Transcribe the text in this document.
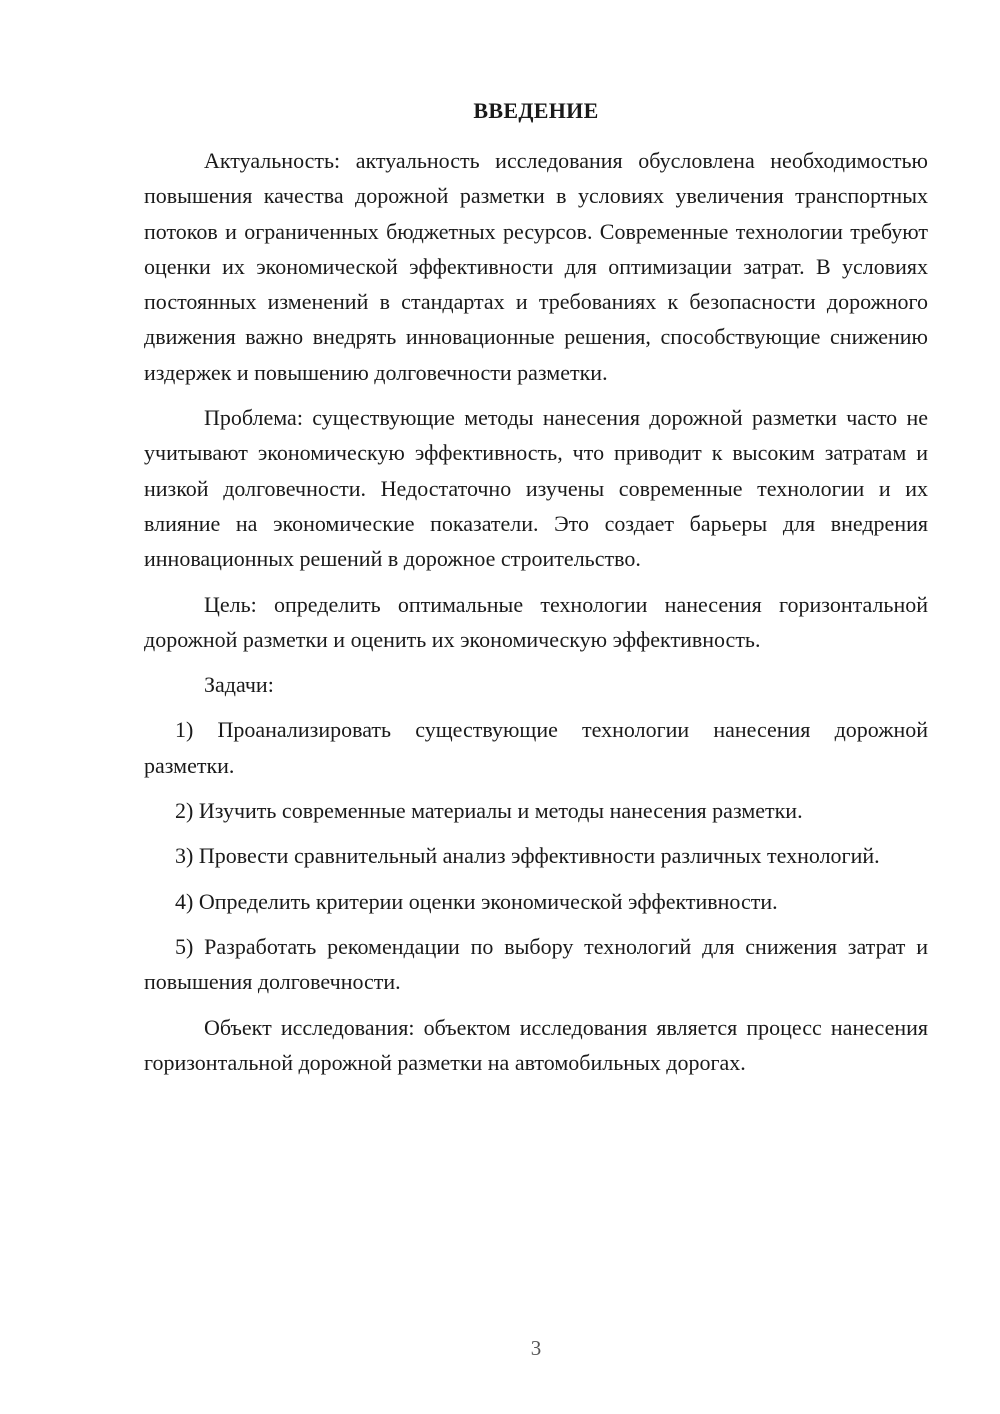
ВВЕДЕНИЕ

Актуальность: актуальность исследования обусловлена необходимостью повышения качества дорожной разметки в условиях увеличения транспортных потоков и ограниченных бюджетных ресурсов. Современные технологии требуют оценки их экономической эффективности для оптимизации затрат. В условиях постоянных изменений в стандартах и требованиях к безопасности дорожного движения важно внедрять инновационные решения, способствующие снижению издержек и повышению долговечности разметки.

Проблема: существующие методы нанесения дорожной разметки часто не учитывают экономическую эффективность, что приводит к высоким затратам и низкой долговечности. Недостаточно изучены современные технологии и их влияние на экономические показатели. Это создает барьеры для внедрения инновационных решений в дорожное строительство.

Цель: определить оптимальные технологии нанесения горизонтальной дорожной разметки и оценить их экономическую эффективность.

Задачи:

1) Проанализировать существующие технологии нанесения дорожной разметки.

2) Изучить современные материалы и методы нанесения разметки.

3) Провести сравнительный анализ эффективности различных технологий.

4) Определить критерии оценки экономической эффективности.

5) Разработать рекомендации по выбору технологий для снижения затрат и повышения долговечности.

Объект исследования: объектом исследования является процесс нанесения горизонтальной дорожной разметки на автомобильных дорогах.

3
